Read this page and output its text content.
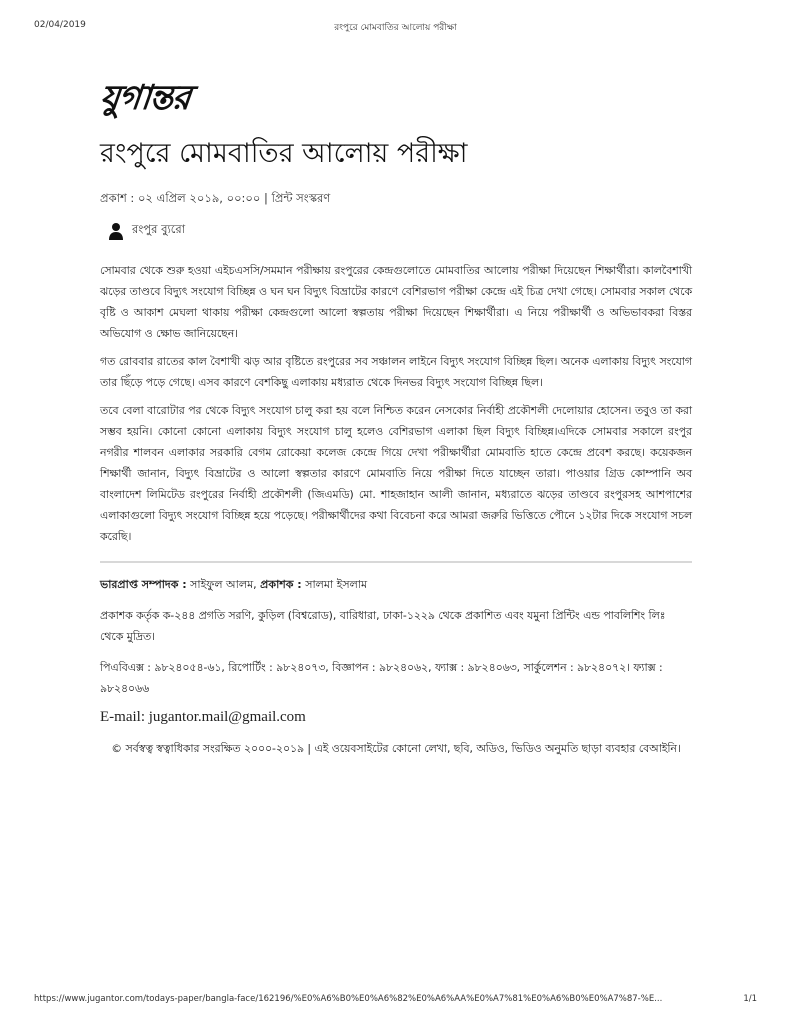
02/04/2019	রংপুরে মোমবাতির আলোয় পরীক্ষা
যুগান্তর
রংপুরে মোমবাতির আলোয় পরীক্ষা
প্রকাশ : ০২ এপ্রিল ২০১৯, ০০:০০ | প্রিন্ট সংস্করণ
রংপুর ব্যুরো

সোমবার থেকে শুরু হওয়া এইচএসসি/সমমান পরীক্ষায় রংপুরের কেন্দ্রগুলোতে মোমবাতির আলোয় পরীক্ষা দিয়েছেন শিক্ষার্থীরা। কালবৈশাখী ঝড়ের তাণ্ডবে বিদ্যুৎ সংযোগ বিচ্ছিন্ন ও ঘন ঘন বিদ্যুৎ বিভ্রাটের কারণে বেশিরভাগ পরীক্ষা কেন্দ্রে এই চিত্র দেখা গেছে। সোমবার সকাল থেকে বৃষ্টি ও আকাশ মেঘলা থাকায় পরীক্ষা কেন্দ্রগুলো আলো স্বল্পতায় পরীক্ষা দিয়েছেন শিক্ষার্থীরা। এ নিয়ে পরীক্ষার্থী ও অভিভাবকরা বিস্তর অভিযোগ ও ক্ষোভ জানিয়েছেন।

গত রোববার রাতের কাল বৈশাখী ঝড় আর বৃষ্টিতে রংপুরের সব সঞ্চালন লাইনে বিদ্যুৎ সংযোগ বিচ্ছিন্ন ছিল। অনেক এলাকায় বিদ্যুৎ সংযোগ তার ছিঁড়ে পড়ে গেছে। এসব কারণে বেশকিছু এলাকায় মধ্যরাত থেকে দিনভর বিদ্যুৎ সংযোগ বিচ্ছিন্ন ছিল।

তবে বেলা বারোটার পর থেকে বিদ্যুৎ সংযোগ চালু করা হয় বলে নিশ্চিত করেন নেসকোর নির্বাহী প্রকৌশলী দেলোয়ার হোসেন। তবুও তা করা সম্ভব হয়নি। কোনো কোনো এলাকায় বিদ্যুৎ সংযোগ চালু হলেও বেশিরভাগ এলাকা ছিল বিদ্যুৎ বিচ্ছিন্ন।এদিকে সোমবার সকালে রংপুর নগরীর শালবন এলাকার সরকারি বেগম রোকেয়া কলেজ কেন্দ্রে গিয়ে দেখা পরীক্ষার্থীরা মোমবাতি হাতে কেন্দ্রে প্রবেশ করছে। কয়েকজন শিক্ষার্থী জানান, বিদ্যুৎ বিভ্রাটের ও আলো স্বল্পতার কারণে মোমবাতি নিয়ে পরীক্ষা দিতে যাচ্ছেন তারা। পাওয়ার গ্রিড কোম্পানি অব বাংলাদেশ লিমিটেড রংপুরের নির্বাহী প্রকৌশলী (জিএমডি) মো. শাহজাহান আলী জানান, মধ্যরাতে ঝড়ের তাণ্ডবে রংপুরসহ আশপাশের এলাকাগুলো বিদ্যুৎ সংযোগ বিচ্ছিন্ন হয়ে পড়েছে। পরীক্ষার্থীদের কথা বিবেচনা করে আমরা জরুরি ভিত্তিতে পৌনে ১২টার দিকে সংযোগ সচল করেছি।

ভারপ্রাপ্ত সম্পাদক : সাইফুল আলম, প্রকাশক : সালমা ইসলাম
প্রকাশক কর্তৃক ক-২৪৪ প্রগতি সরণি, কুড়িল (বিশ্বরোড), বারিধারা, ঢাকা-১২২৯ থেকে প্রকাশিত এবং যমুনা প্রিন্টিং এন্ড পাবলিশিং লিঃ থেকে মুদ্রিত।
পিএবিএক্স : ৯৮২৪০৫৪-৬১, রিপোর্টিং : ৯৮২৪০৭৩, বিজ্ঞাপন : ৯৮২৪০৬২, ফ্যাক্স : ৯৮২৪০৬৩, সার্কুলেশন : ৯৮২৪০৭২। ফ্যাক্স : ৯৮২৪০৬৬
E-mail: jugantor.mail@gmail.com
© সর্বস্বত্ব স্বত্বাধিকার সংরক্ষিত ২০০০-২০১৯ | এই ওয়েবসাইটের কোনো লেখা, ছবি, অডিও, ভিডিও অনুমতি ছাড়া ব্যবহার বেআইনি।
https://www.jugantor.com/todays-paper/bangla-face/162196/%E0%A6%B0%E0%A6%82%E0%A6%AA%E0%A7%81%E0%A6%B0%E0%A7%87-%E...	1/1
